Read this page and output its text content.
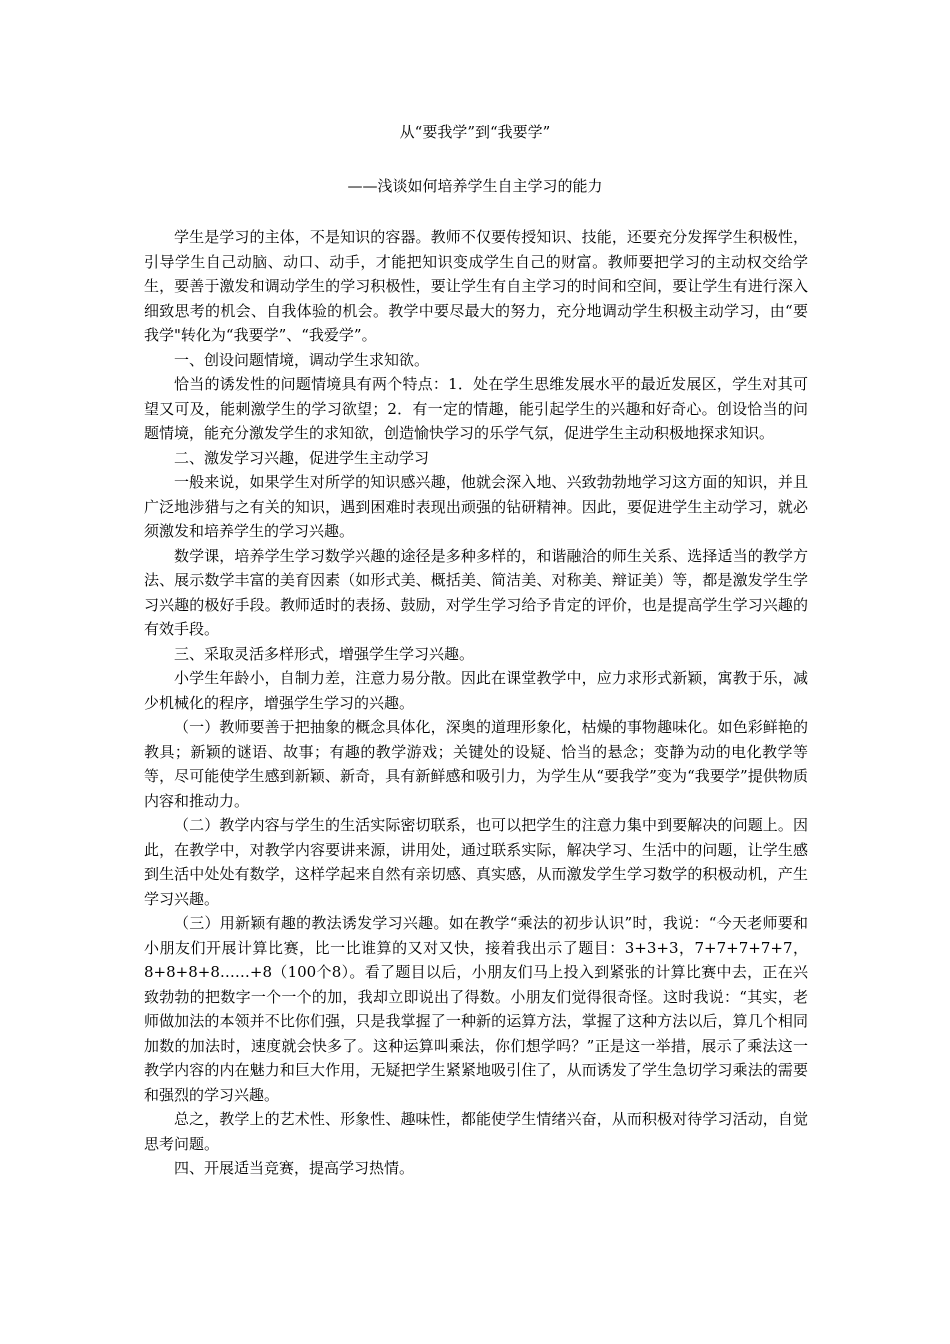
从“要我学”到“我要学”
——浅谈如何培养学生自主学习的能力

学生是学习的主体，不是知识的容器。教师不仅要传授知识、技能，还要充分发挥学生积极性，引导学生自己动脑、动口、动手，才能把知识变成学生自己的财富。教师要把学习的主动权交给学生，要善于激发和调动学生的学习积极性，要让学生有自主学习的时间和空间，要让学生有进行深入细致思考的机会、自我体验的机会。教学中要尽最大的努力，充分地调动学生积极主动学习，由“要我学"转化为“我要学”、“我爱学”。

一、创设问题情境，调动学生求知欲。

恰当的诱发性的问题情境具有两个特点：1．处在学生思维发展水平的最近发展区，学生对其可望又可及，能刺激学生的学习欲望；2．有一定的情趣，能引起学生的兴趣和好奇心。创设恰当的问题情境，能充分激发学生的求知欲，创造愉快学习的乐学气氛，促进学生主动积极地探求知识。

二、激发学习兴趣，促进学生主动学习

一般来说，如果学生对所学的知识感兴趣，他就会深入地、兴致勃勃地学习这方面的知识，并且广泛地涉猎与之有关的知识，遇到困难时表现出顽强的钻研精神。因此，要促进学生主动学习，就必须激发和培养学生的学习兴趣。

数学课，培养学生学习数学兴趣的途径是多种多样的，和谐融洽的师生关系、选择适当的教学方法、展示数学丰富的美育因素（如形式美、概括美、简洁美、对称美、辩证美）等，都是激发学生学习兴趣的极好手段。教师适时的表扬、鼓励，对学生学习给予肯定的评价，也是提高学生学习兴趣的有效手段。

三、采取灵活多样形式，增强学生学习兴趣。

小学生年龄小，自制力差，注意力易分散。因此在课堂教学中，应力求形式新颖，寓教于乐，减少机械化的程序，增强学生学习的兴趣。

（一）教师要善于把抽象的概念具体化，深奥的道理形象化，枯燥的事物趣味化。如色彩鲜艳的教具；新颖的谜语、故事；有趣的教学游戏；关键处的设疑、恰当的悬念；变静为动的电化教学等等，尽可能使学生感到新颖、新奇，具有新鲜感和吸引力，为学生从“要我学”变为“我要学”提供物质内容和推动力。

（二）教学内容与学生的生活实际密切联系，也可以把学生的注意力集中到要解决的问题上。因此，在教学中，对教学内容要讲来源，讲用处，通过联系实际，解决学习、生活中的问题，让学生感到生活中处处有数学，这样学起来自然有亲切感、真实感，从而激发学生学习数学的积极动机，产生学习兴趣。

（三）用新颖有趣的教法诱发学习兴趣。如在教学“乘法的初步认识”时，我说：“今天老师要和小朋友们开展计算比赛，比一比谁算的又对又快，接着我出示了题目：3+3+3，7+7+7+7+7，8+8+8+8……+8（100个8）。看了题目以后，小朋友们马上投入到紧张的计算比赛中去，正在兴致勃勃的把数字一个一个的加，我却立即说出了得数。小朋友们觉得很奇怪。这时我说：“其实，老师做加法的本领并不比你们强，只是我掌握了一种新的运算方法，掌握了这种方法以后，算几个相同加数的加法时，速度就会快多了。这种运算叫乘法，你们想学吗？”正是这一举措，展示了乘法这一教学内容的内在魅力和巨大作用，无疑把学生紧紧地吸引住了，从而诱发了学生急切学习乘法的需要和强烈的学习兴趣。

总之，教学上的艺术性、形象性、趣味性，都能使学生情绪兴奋，从而积极对待学习活动，自觉思考问题。

四、开展适当竞赛，提高学习热情。
